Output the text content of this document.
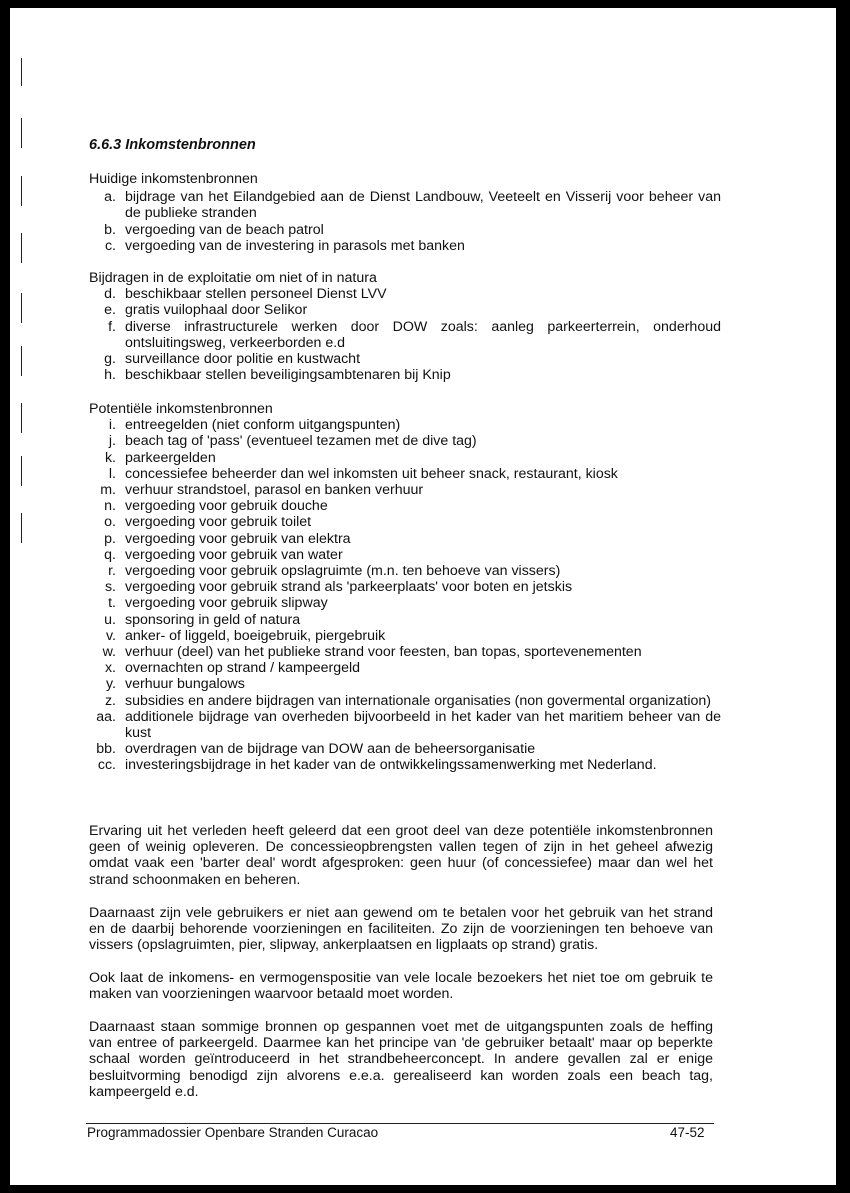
6.6.3 Inkomstenbronnen

Huidige inkomstenbronnen

a. bijdrage van het Eilandgebied aan de Dienst Landbouw, Veeteelt en Visserij voor beheer van de publieke stranden
b. vergoeding van de beach patrol
c. vergoeding van de investering in parasols met banken

Bijdragen in de exploitatie om niet of in natura

d. beschikbaar stellen personeel Dienst LVV
e. gratis vuilophaal door Selikor
f. diverse infrastructurele werken door DOW zoals: aanleg parkeerterrein, onderhoud ontsluitingsweg, verkeerborden e.d
g. surveillance door politie en kustwacht
h. beschikbaar stellen beveiligingsambtenaren bij Knip

Potentiële inkomstenbronnen

i. entreegelden (niet conform uitgangspunten)
j. beach tag of 'pass' (eventueel tezamen met de dive tag)
k. parkeergelden
l. concessiefee beheerder dan wel inkomsten uit beheer snack, restaurant, kiosk
m. verhuur strandstoel, parasol en banken verhuur
n. vergoeding voor gebruik douche
o. vergoeding voor gebruik toilet
p. vergoeding voor gebruik van elektra
q. vergoeding voor gebruik van water
r. vergoeding voor gebruik opslagruimte (m.n. ten behoeve van vissers)
s. vergoeding voor gebruik strand als 'parkeerplaats' voor boten en jetskis
t. vergoeding voor gebruik slipway
u. sponsoring in geld of natura
v. anker- of liggeld, boeigebruik, piergebruik
w. verhuur (deel) van het publieke strand voor feesten, ban topas, sportevenementen
x. overnachten op strand / kampeergeld
y. verhuur bungalows
z. subsidies en andere bijdragen van internationale organisaties (non govermental organization)
aa. additionele bijdrage van overheden bijvoorbeeld in het kader van het maritiem beheer van de kust
bb. overdragen van de bijdrage van DOW aan de beheersorganisatie
cc. investeringsbijdrage in het kader van de ontwikkelingssamenwerking met Nederland.

Ervaring uit het verleden heeft geleerd dat een groot deel van deze potentiële inkomstenbronnen geen of weinig opleveren. De concessieopbrengsten vallen tegen of zijn in het geheel afwezig omdat vaak een 'barter deal' wordt afgesproken: geen huur (of concessiefee) maar dan wel het strand schoonmaken en beheren.

Daarnaast zijn vele gebruikers er niet aan gewend om te betalen voor het gebruik van het strand en de daarbij behorende voorzieningen en faciliteiten. Zo zijn de voorzieningen ten behoeve van vissers (opslagruimten, pier, slipway, ankerplaatsen en ligplaats op strand) gratis.

Ook laat de inkomens- en vermogenspositie van vele locale bezoekers het niet toe om gebruik te maken van voorzieningen waarvoor betaald moet worden.

Daarnaast staan sommige bronnen op gespannen voet met de uitgangspunten zoals de heffing van entree of parkeergeld. Daarmee kan het principe van 'de gebruiker betaalt' maar op beperkte schaal worden geïntroduceerd in het strandbeheerconcept. In andere gevallen zal er enige besluitvorming benodigd zijn alvorens e.e.a. gerealiseerd kan worden zoals een beach tag, kampeergeld e.d.

Programmadossier Openbare Stranden Curacao	47-52
